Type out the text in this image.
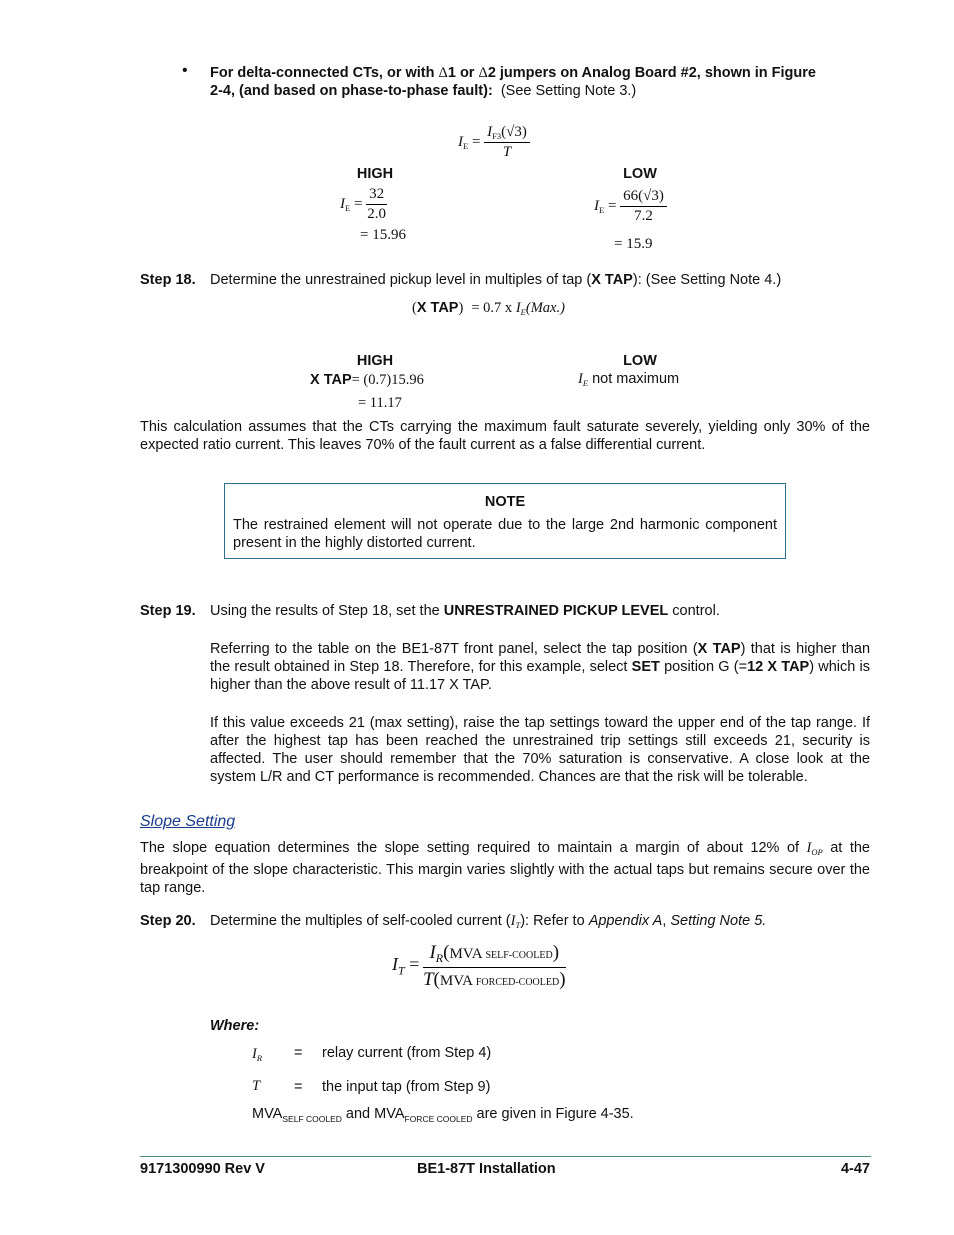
• For delta-connected CTs, or with Δ1 or Δ2 jumpers on Analog Board #2, shown in Figure
2-4, (and based on phase-to-phase fault): (See Setting Note 3.)
$I_E = \frac{I_{F3}(√3)}{T}$
HIGH
$I_E = \frac{32}{2.0}$
= 15.96
LOW
$I_E = \frac{66(√3)}{7.2}$
= 15.9
Step 18. Determine the unrestrained pickup level in multiples of tap (X TAP): (See Setting Note 4.)
(X TAP) = 0.7 x $I_E(Max.)$
HIGH
X TAP= (0.7)15.96
= 11.17
LOW
$I_E$ not maximum
This calculation assumes that the CTs carrying the maximum fault saturate severely, yielding only 30% of the expected ratio current. This leaves 70% of the fault current as a false differential current.
NOTE
The restrained element will not operate due to the large 2nd harmonic component present in the highly distorted current.
Step 19. Using the results of Step 18, set the UNRESTRAINED PICKUP LEVEL control.
Referring to the table on the BE1-87T front panel, select the tap position (X TAP) that is higher than the result obtained in Step 18. Therefore, for this example, select SET position G (=12 X TAP) which is higher than the above result of 11.17 X TAP.
If this value exceeds 21 (max setting), raise the tap settings toward the upper end of the tap range. If after the highest tap has been reached the unrestrained trip settings still exceeds 21, security is affected. The user should remember that the 70% saturation is conservative. A close look at the system L/R and CT performance is recommended. Chances are that the risk will be tolerable.
Slope Setting
The slope equation determines the slope setting required to maintain a margin of about 12% of $I_{OP}$ at the breakpoint of the slope characteristic. This margin varies slightly with the actual taps but remains secure over the tap range.
Step 20. Determine the multiples of self-cooled current $(I_T)$: Refer to Appendix A, Setting Note 5.
$I_T = \frac{I_R(MVA SELF-COOLED)}{\text{T(MVA FORCED-COOLED)}}$
Where:
$I_R$ = relay current (from Step 4)
T = the input tap (from Step 9)
$MVA_{SELF COOLED}$ and $MVA_{FORCE COOLED}$ are given in Figure 4-35.
9171300990 Rev V	BE1-87T Installation	4-47
